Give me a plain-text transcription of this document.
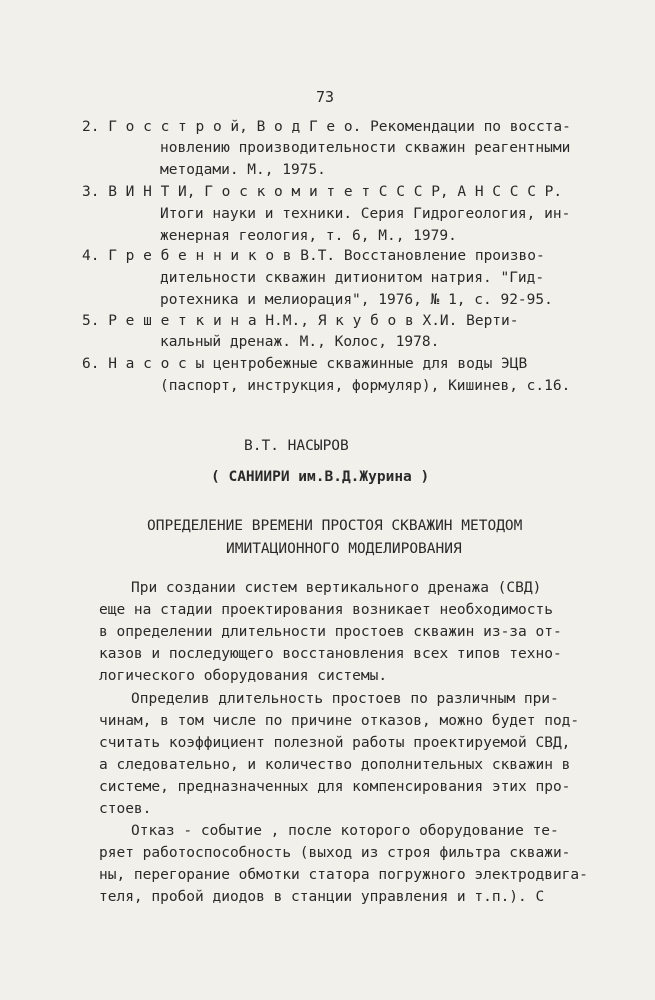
73
2. Г о с с т р о й, В о д Г е о. Рекомендации по восста-
новлению производительности скважин реагентными
методами. М., 1975.
3. В И Н Т И, Г о с к о м и т е т С С С Р, А Н С С С Р.
Итоги науки и техники. Серия Гидрогеология, ин-
женерная геология, т. 6, М., 1979.
4. Г р е б е н н и к о в В.Т. Восстановление произво-
дительности скважин дитионитом натрия. "Гид-
ротехника и мелиорация", 1976, № 1, с. 92-95.
5. Р е ш е т к и н а Н.М., Я к у б о в Х.И. Верти-
кальный дренаж. М., Колос, 1978.
6. Н а с о с ы центробежные скважинные для воды ЭЦВ
(паспорт, инструкция, формуляр), Кишинев, с.16.
В.Т. НАСЫРОВ
( САНИИРИ им.В.Д.Журина )
ОПРЕДЕЛЕНИЕ ВРЕМЕНИ ПРОСТОЯ СКВАЖИН МЕТОДОМ
ИМИТАЦИОННОГО МОДЕЛИРОВАНИЯ
При создании систем вертикального дренажа (СВД)
еще на стадии проектирования возникает необходимость
в определении длительности простоев скважин из-за от-
казов и последующего восстановления всех типов техно-
логического оборудования системы.
Определив длительность простоев по различным при-
чинам, в том числе по причине отказов, можно будет под-
считать коэффициент полезной работы проектируемой СВД,
а следовательно, и количество дополнительных скважин в
системе, предназначенных для компенсирования этих про-
стоев.
Отказ - событие , после которого оборудование те-
ряет работоспособность (выход из строя фильтра скважи-
ны, перегорание обмотки статора погружного электродвига-
теля, пробой диодов в станции управления и т.п.). С
